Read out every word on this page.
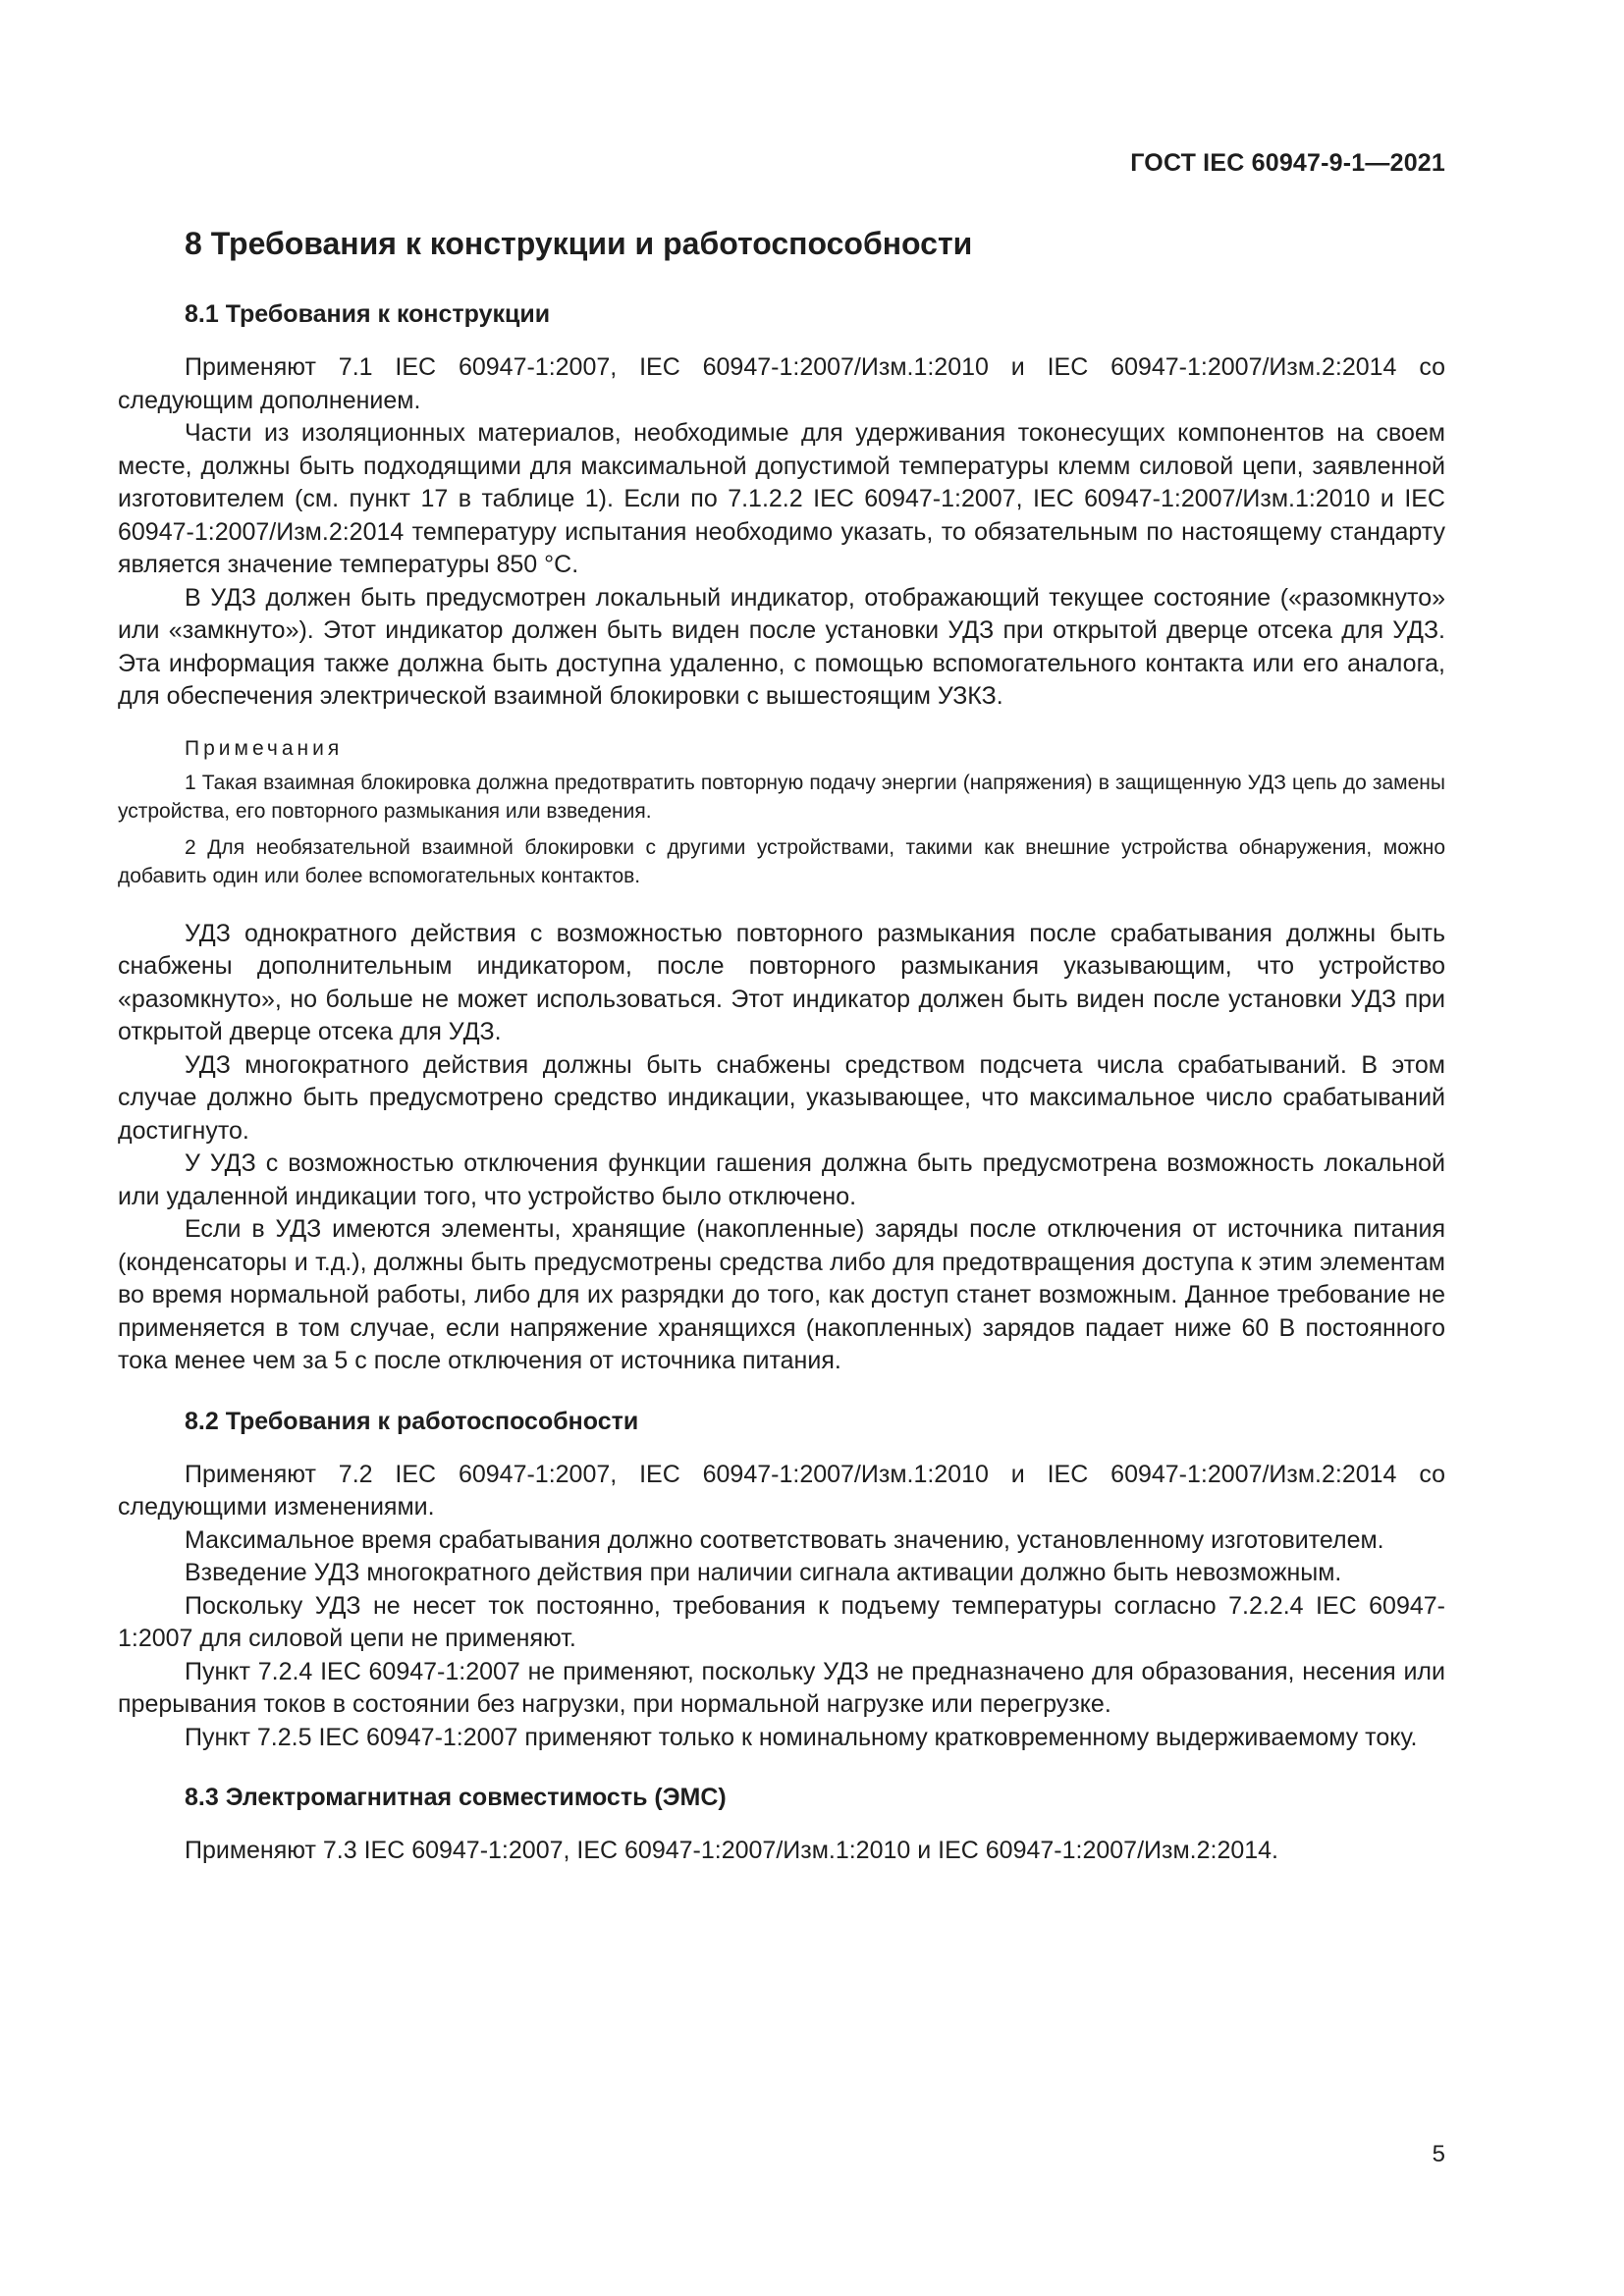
ГОСТ IEC 60947-9-1—2021
8 Требования к конструкции и работоспособности
8.1 Требования к конструкции

Применяют 7.1 IEC 60947-1:2007, IEC 60947-1:2007/Изм.1:2010 и IEC 60947-1:2007/Изм.2:2014 со следующим дополнением.

Части из изоляционных материалов, необходимые для удерживания токонесущих компонентов на своем месте, должны быть подходящими для максимальной допустимой температуры клемм силовой цепи, заявленной изготовителем (см. пункт 17 в таблице 1). Если по 7.1.2.2 IEC 60947-1:2007, IEC 60947-1:2007/Изм.1:2010 и IEC 60947-1:2007/Изм.2:2014 температуру испытания необходимо указать, то обязательным по настоящему стандарту является значение температуры 850 °С.

В УДЗ должен быть предусмотрен локальный индикатор, отображающий текущее состояние («разомкнуто» или «замкнуто»). Этот индикатор должен быть виден после установки УДЗ при открытой дверце отсека для УДЗ. Эта информация также должна быть доступна удаленно, с помощью вспомогательного контакта или его аналога, для обеспечения электрической взаимной блокировки с вышестоящим УЗКЗ.

Примечания
1 Такая взаимная блокировка должна предотвратить повторную подачу энергии (напряжения) в защищенную УДЗ цепь до замены устройства, его повторного размыкания или взведения.
2 Для необязательной взаимной блокировки с другими устройствами, такими как внешние устройства обнаружения, можно добавить один или более вспомогательных контактов.

УДЗ однократного действия с возможностью повторного размыкания после срабатывания должны быть снабжены дополнительным индикатором, после повторного размыкания указывающим, что устройство «разомкнуто», но больше не может использоваться. Этот индикатор должен быть виден после установки УДЗ при открытой дверце отсека для УДЗ.

УДЗ многократного действия должны быть снабжены средством подсчета числа срабатываний. В этом случае должно быть предусмотрено средство индикации, указывающее, что максимальное число срабатываний достигнуто.

У УДЗ с возможностью отключения функции гашения должна быть предусмотрена возможность локальной или удаленной индикации того, что устройство было отключено.

Если в УДЗ имеются элементы, хранящие (накопленные) заряды после отключения от источника питания (конденсаторы и т.д.), должны быть предусмотрены средства либо для предотвращения доступа к этим элементам во время нормальной работы, либо для их разрядки до того, как доступ станет возможным. Данное требование не применяется в том случае, если напряжение хранящихся (накопленных) зарядов падает ниже 60 В постоянного тока менее чем за 5 с после отключения от источника питания.

8.2 Требования к работоспособности

Применяют 7.2 IEC 60947-1:2007, IEC 60947-1:2007/Изм.1:2010 и IEC 60947-1:2007/Изм.2:2014 со следующими изменениями.

Максимальное время срабатывания должно соответствовать значению, установленному изготовителем.

Взведение УДЗ многократного действия при наличии сигнала активации должно быть невозможным.

Поскольку УДЗ не несет ток постоянно, требования к подъему температуры согласно 7.2.2.4 IEC 60947-1:2007 для силовой цепи не применяют.

Пункт 7.2.4 IEC 60947-1:2007 не применяют, поскольку УДЗ не предназначено для образования, несения или прерывания токов в состоянии без нагрузки, при нормальной нагрузке или перегрузке.

Пункт 7.2.5 IEC 60947-1:2007 применяют только к номинальному кратковременному выдерживаемому току.

8.3 Электромагнитная совместимость (ЭМС)

Применяют 7.3 IEC 60947-1:2007, IEC 60947-1:2007/Изм.1:2010 и IEC 60947-1:2007/Изм.2:2014.

5
